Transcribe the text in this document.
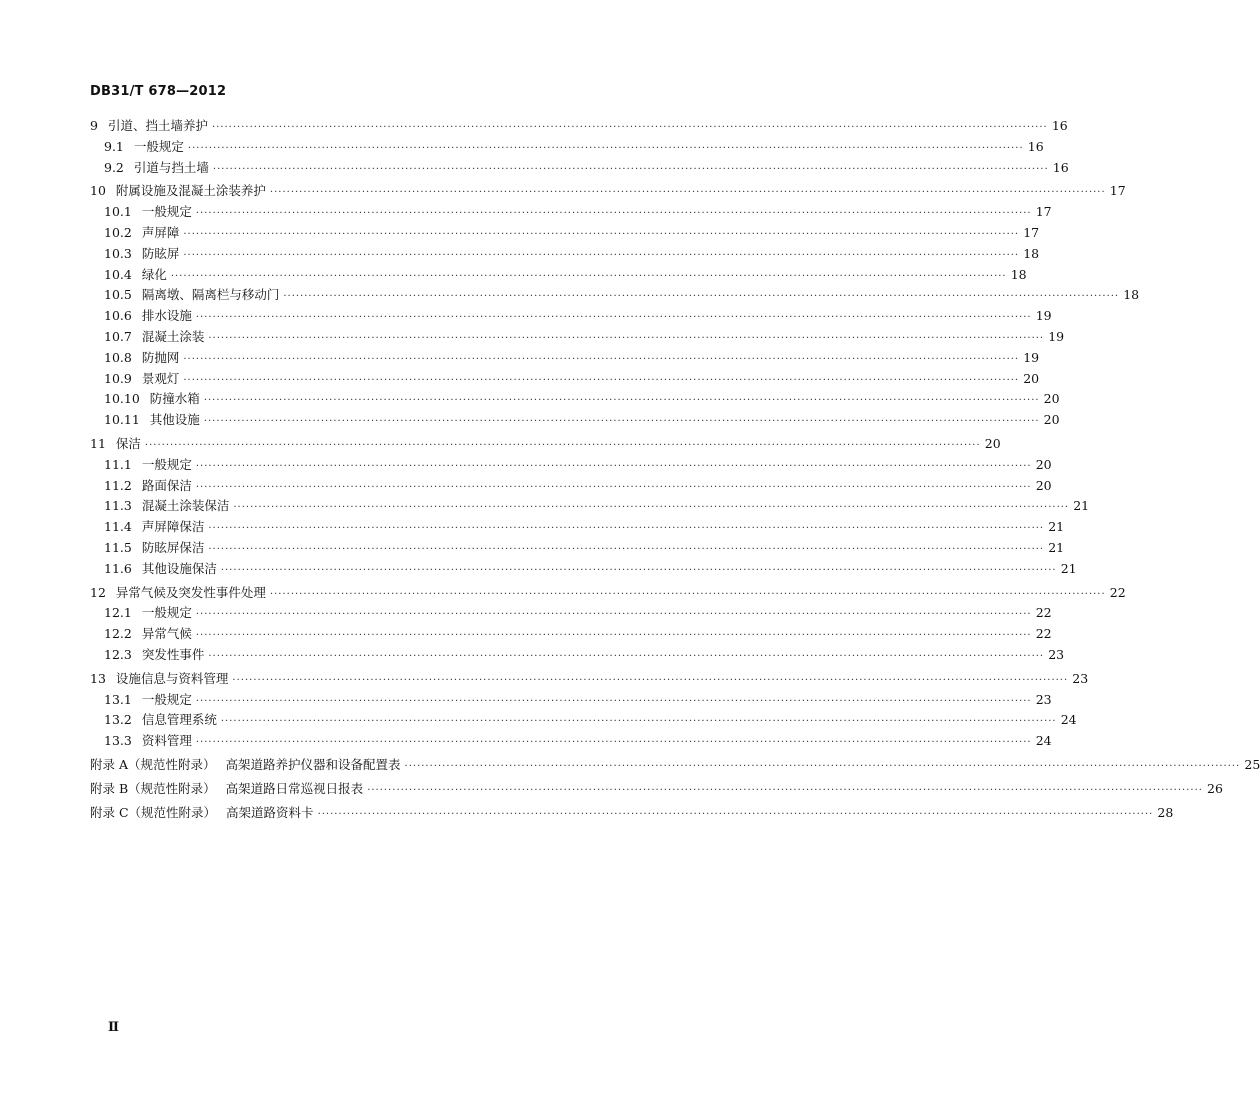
DB31/T 678—2012
9 引道、挡土墙养护 ········································································································································································································ 16
9.1 一般规定 ········································································································································································································ 16
9.2 引道与挡土墙 ········································································································································································································ 16
10 附属设施及混凝土涂装养护 ········································································································································································································ 17
10.1 一般规定 ········································································································································································································ 17
10.2 声屏障 ········································································································································································································ 17
10.3 防眩屏 ········································································································································································································ 18
10.4 绿化 ········································································································································································································ 18
10.5 隔离墩、隔离栏与移动门 ········································································································································································································ 18
10.6 排水设施 ········································································································································································································ 19
10.7 混凝土涂装 ········································································································································································································ 19
10.8 防抛网 ········································································································································································································ 19
10.9 景观灯 ········································································································································································································ 20
10.10 防撞水箱 ········································································································································································································ 20
10.11 其他设施 ········································································································································································································ 20
11 保洁 ········································································································································································································ 20
11.1 一般规定 ········································································································································································································ 20
11.2 路面保洁 ········································································································································································································ 20
11.3 混凝土涂装保洁 ········································································································································································································ 21
11.4 声屏障保洁 ········································································································································································································ 21
11.5 防眩屏保洁 ········································································································································································································ 21
11.6 其他设施保洁 ········································································································································································································ 21
12 异常气候及突发性事件处理 ········································································································································································································ 22
12.1 一般规定 ········································································································································································································ 22
12.2 异常气候 ········································································································································································································ 22
12.3 突发性事件 ········································································································································································································ 23
13 设施信息与资料管理 ········································································································································································································ 23
13.1 一般规定 ········································································································································································································ 23
13.2 信息管理系统 ········································································································································································································ 24
13.3 资料管理 ········································································································································································································ 24
附录 A（规范性附录） 高架道路养护仪器和设备配置表 ········································································································································································································ 25
附录 B（规范性附录） 高架道路日常巡视日报表 ········································································································································································································ 26
附录 C（规范性附录） 高架道路资料卡 ········································································································································································································ 28
Ⅱ
